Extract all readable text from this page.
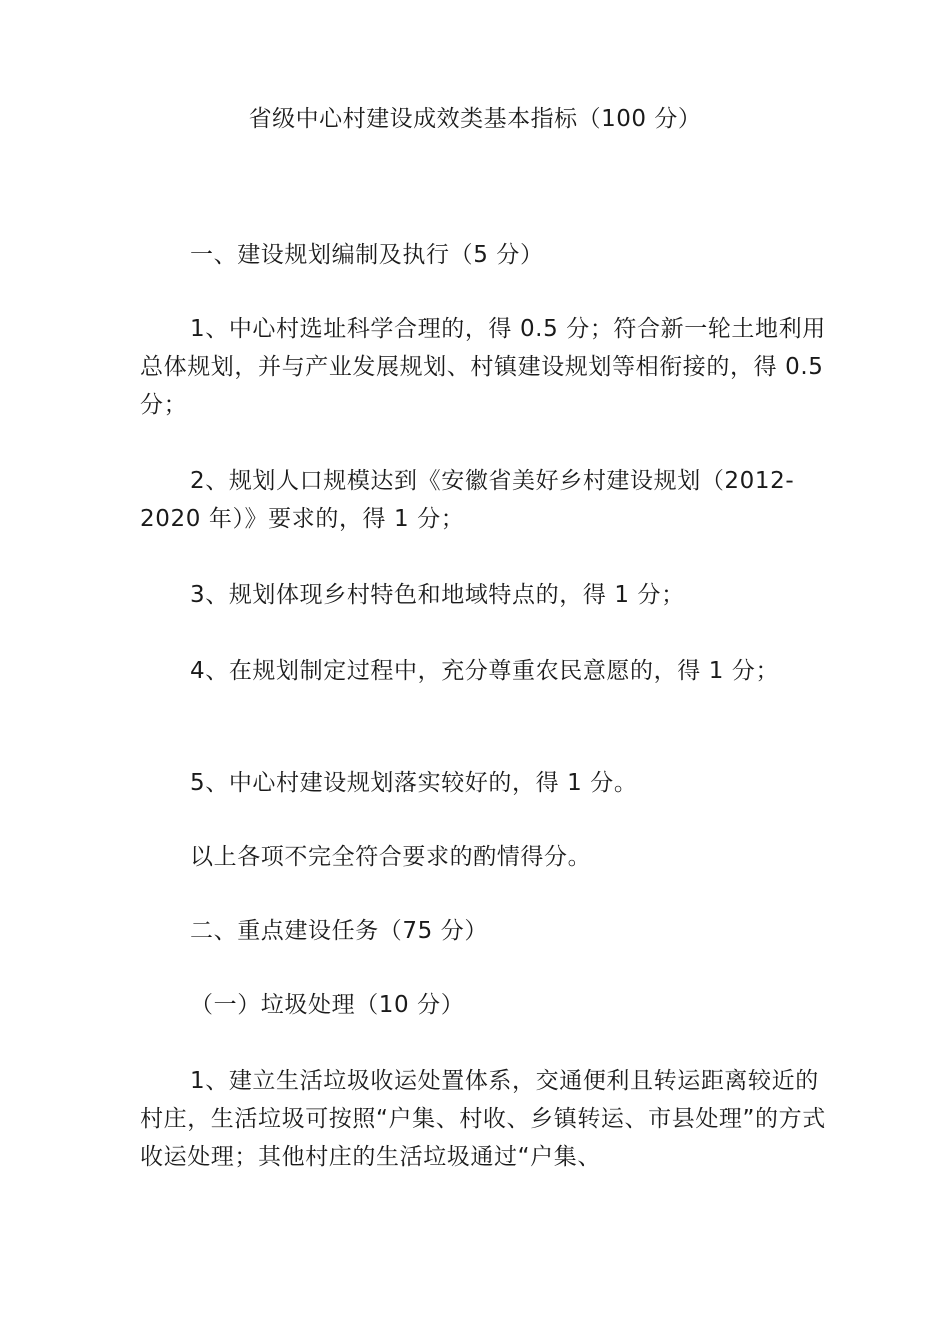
省级中心村建设成效类基本指标（100 分）

一、建设规划编制及执行（5 分）

1、中心村选址科学合理的，得 0.5 分；符合新一轮土地利用总体规划，并与产业发展规划、村镇建设规划等相衔接的，得 0.5 分；

2、规划人口规模达到《安徽省美好乡村建设规划（2012-2020 年）》要求的，得 1 分；

3、规划体现乡村特色和地域特点的，得 1 分；

4、在规划制定过程中，充分尊重农民意愿的，得 1 分；

5、中心村建设规划落实较好的，得 1 分。

以上各项不完全符合要求的酌情得分。

二、重点建设任务（75 分）

（一）垃圾处理（10 分）

1、建立生活垃圾收运处置体系，交通便利且转运距离较近的村庄，生活垃圾可按照“户集、村收、乡镇转运、市县处理”的方式收运处理；其他村庄的生活垃圾通过“户集、
